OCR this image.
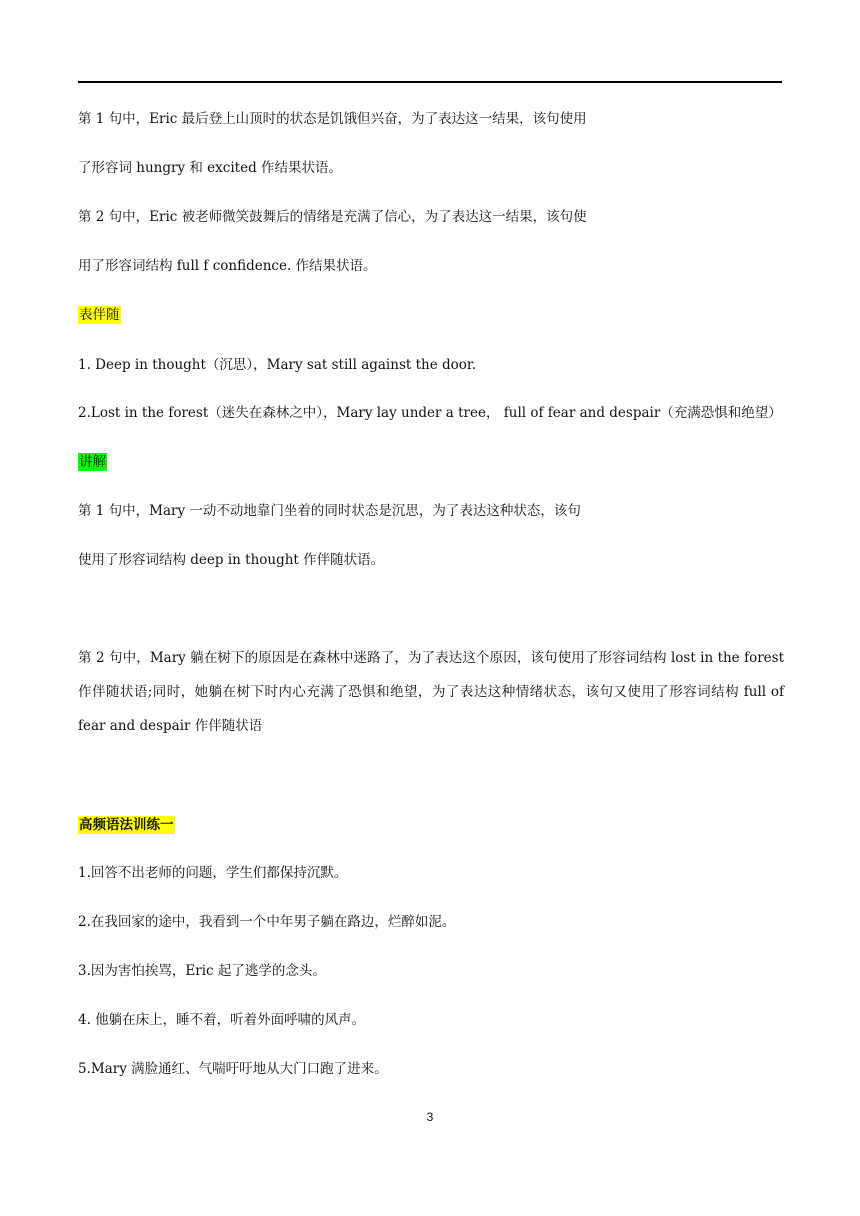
第 1 句中，Eric 最后登上山顶时的状态是饥饿但兴奋，为了表达这一结果，该句使用
了形容词 hungry 和 excited 作结果状语。
第 2 句中，Eric 被老师微笑鼓舞后的情绪是充满了信心，为了表达这一结果，该句使
用了形容词结构 full f confidence. 作结果状语。
表伴随
1. Deep in thought（沉思），Mary sat still against the door.
2.Lost in the forest（迷失在森林之中），Mary lay under a tree， full of fear and despair（充满恐惧和绝望）
讲解
第 1 句中，Mary 一动不动地靠门坐着的同时状态是沉思，为了表达这种状态，该句
使用了形容词结构 deep in thought 作伴随状语。
第 2 句中，Mary 躺在树下的原因是在森林中迷路了，为了表达这个原因，该句使用了形容词结构 lost in the forest 作伴随状语;同时，她躺在树下时内心充满了恐惧和绝望，为了表达这种情绪状态，该句又使用了形容词结构 full of fear and despair 作伴随状语
高频语法训练一
1.回答不出老师的问题，学生们都保持沉默。
2.在我回家的途中，我看到一个中年男子躺在路边，烂醉如泥。
3.因为害怕挨骂，Eric 起了逃学的念头。
4. 他躺在床上，睡不着，听着外面呼啸的风声。
5.Mary 满脸通红、气喘吁吁地从大门口跑了进来。
3
